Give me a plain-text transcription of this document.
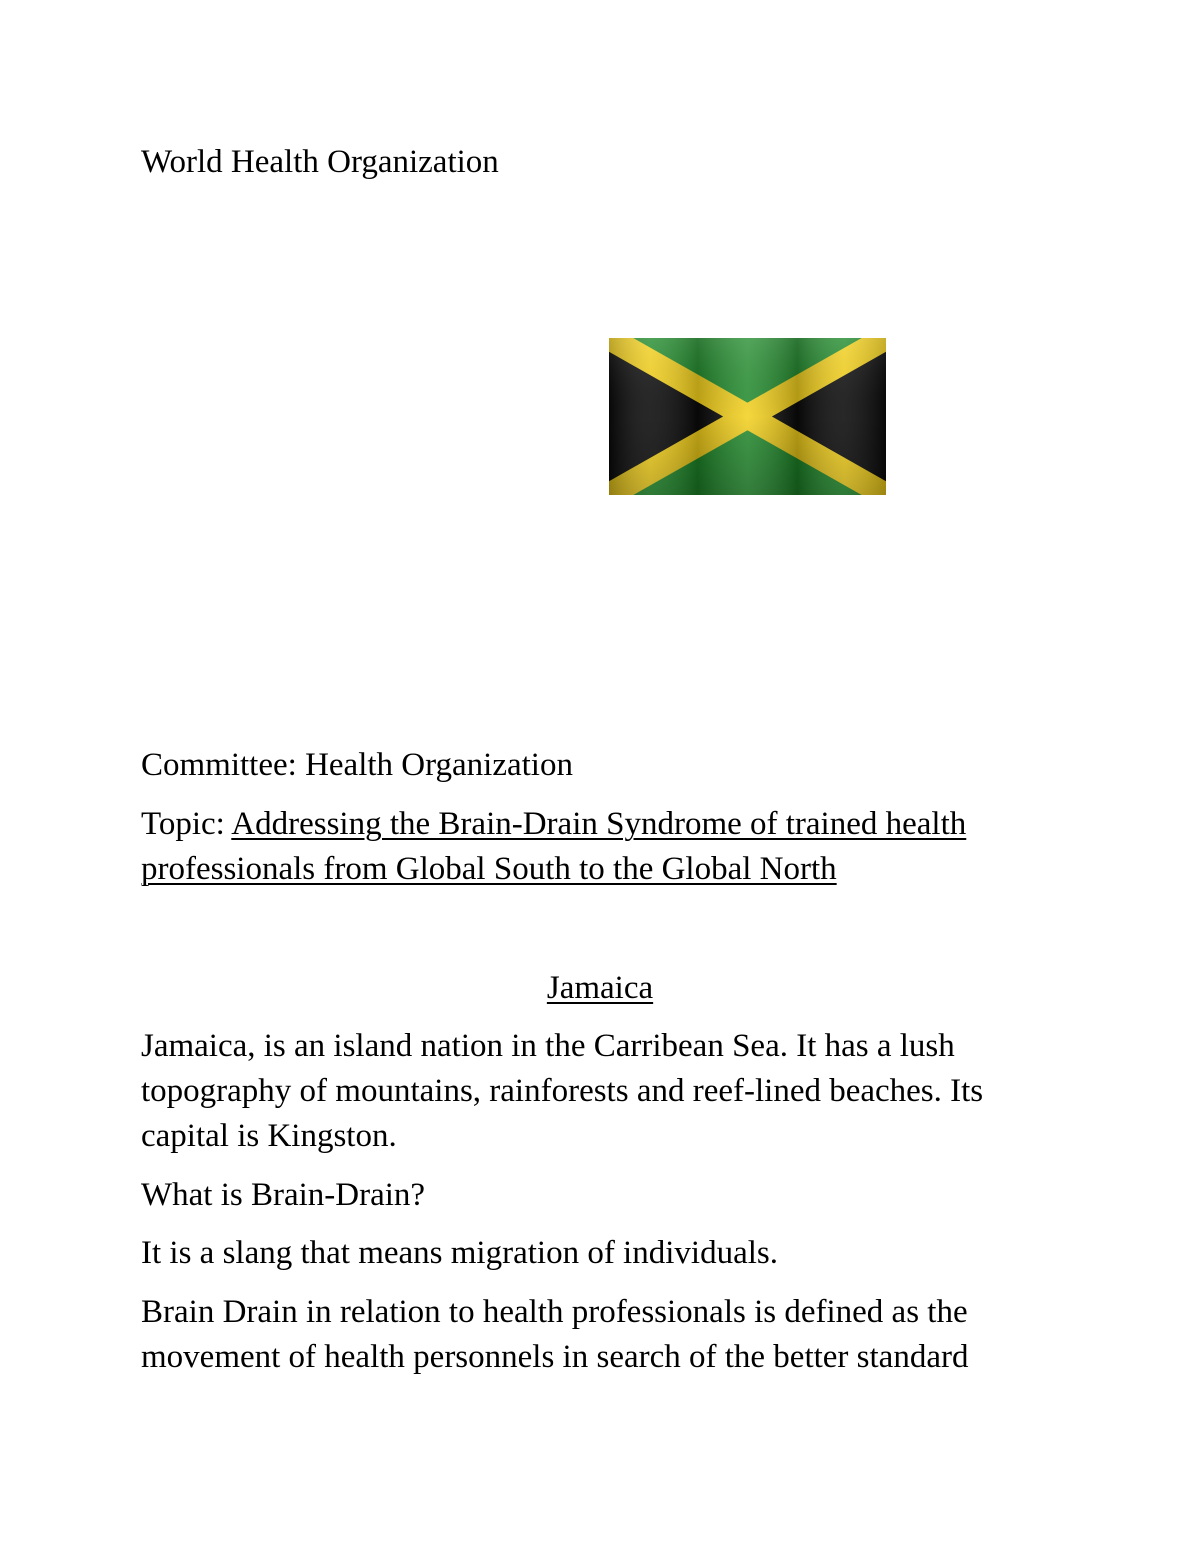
World Health Organization

Committee: Health Organization

Topic: Addressing the Brain-Drain Syndrome of trained health
professionals from Global South to the Global North

Jamaica

Jamaica, is an island nation in the Carribean Sea. It has a lush
topography of mountains, rainforests and reef-lined beaches. Its
capital is Kingston.

What is Brain-Drain?

It is a slang that means migration of individuals.

Brain Drain in relation to health professionals is defined as the
movement of health personnels in search of the better standard
